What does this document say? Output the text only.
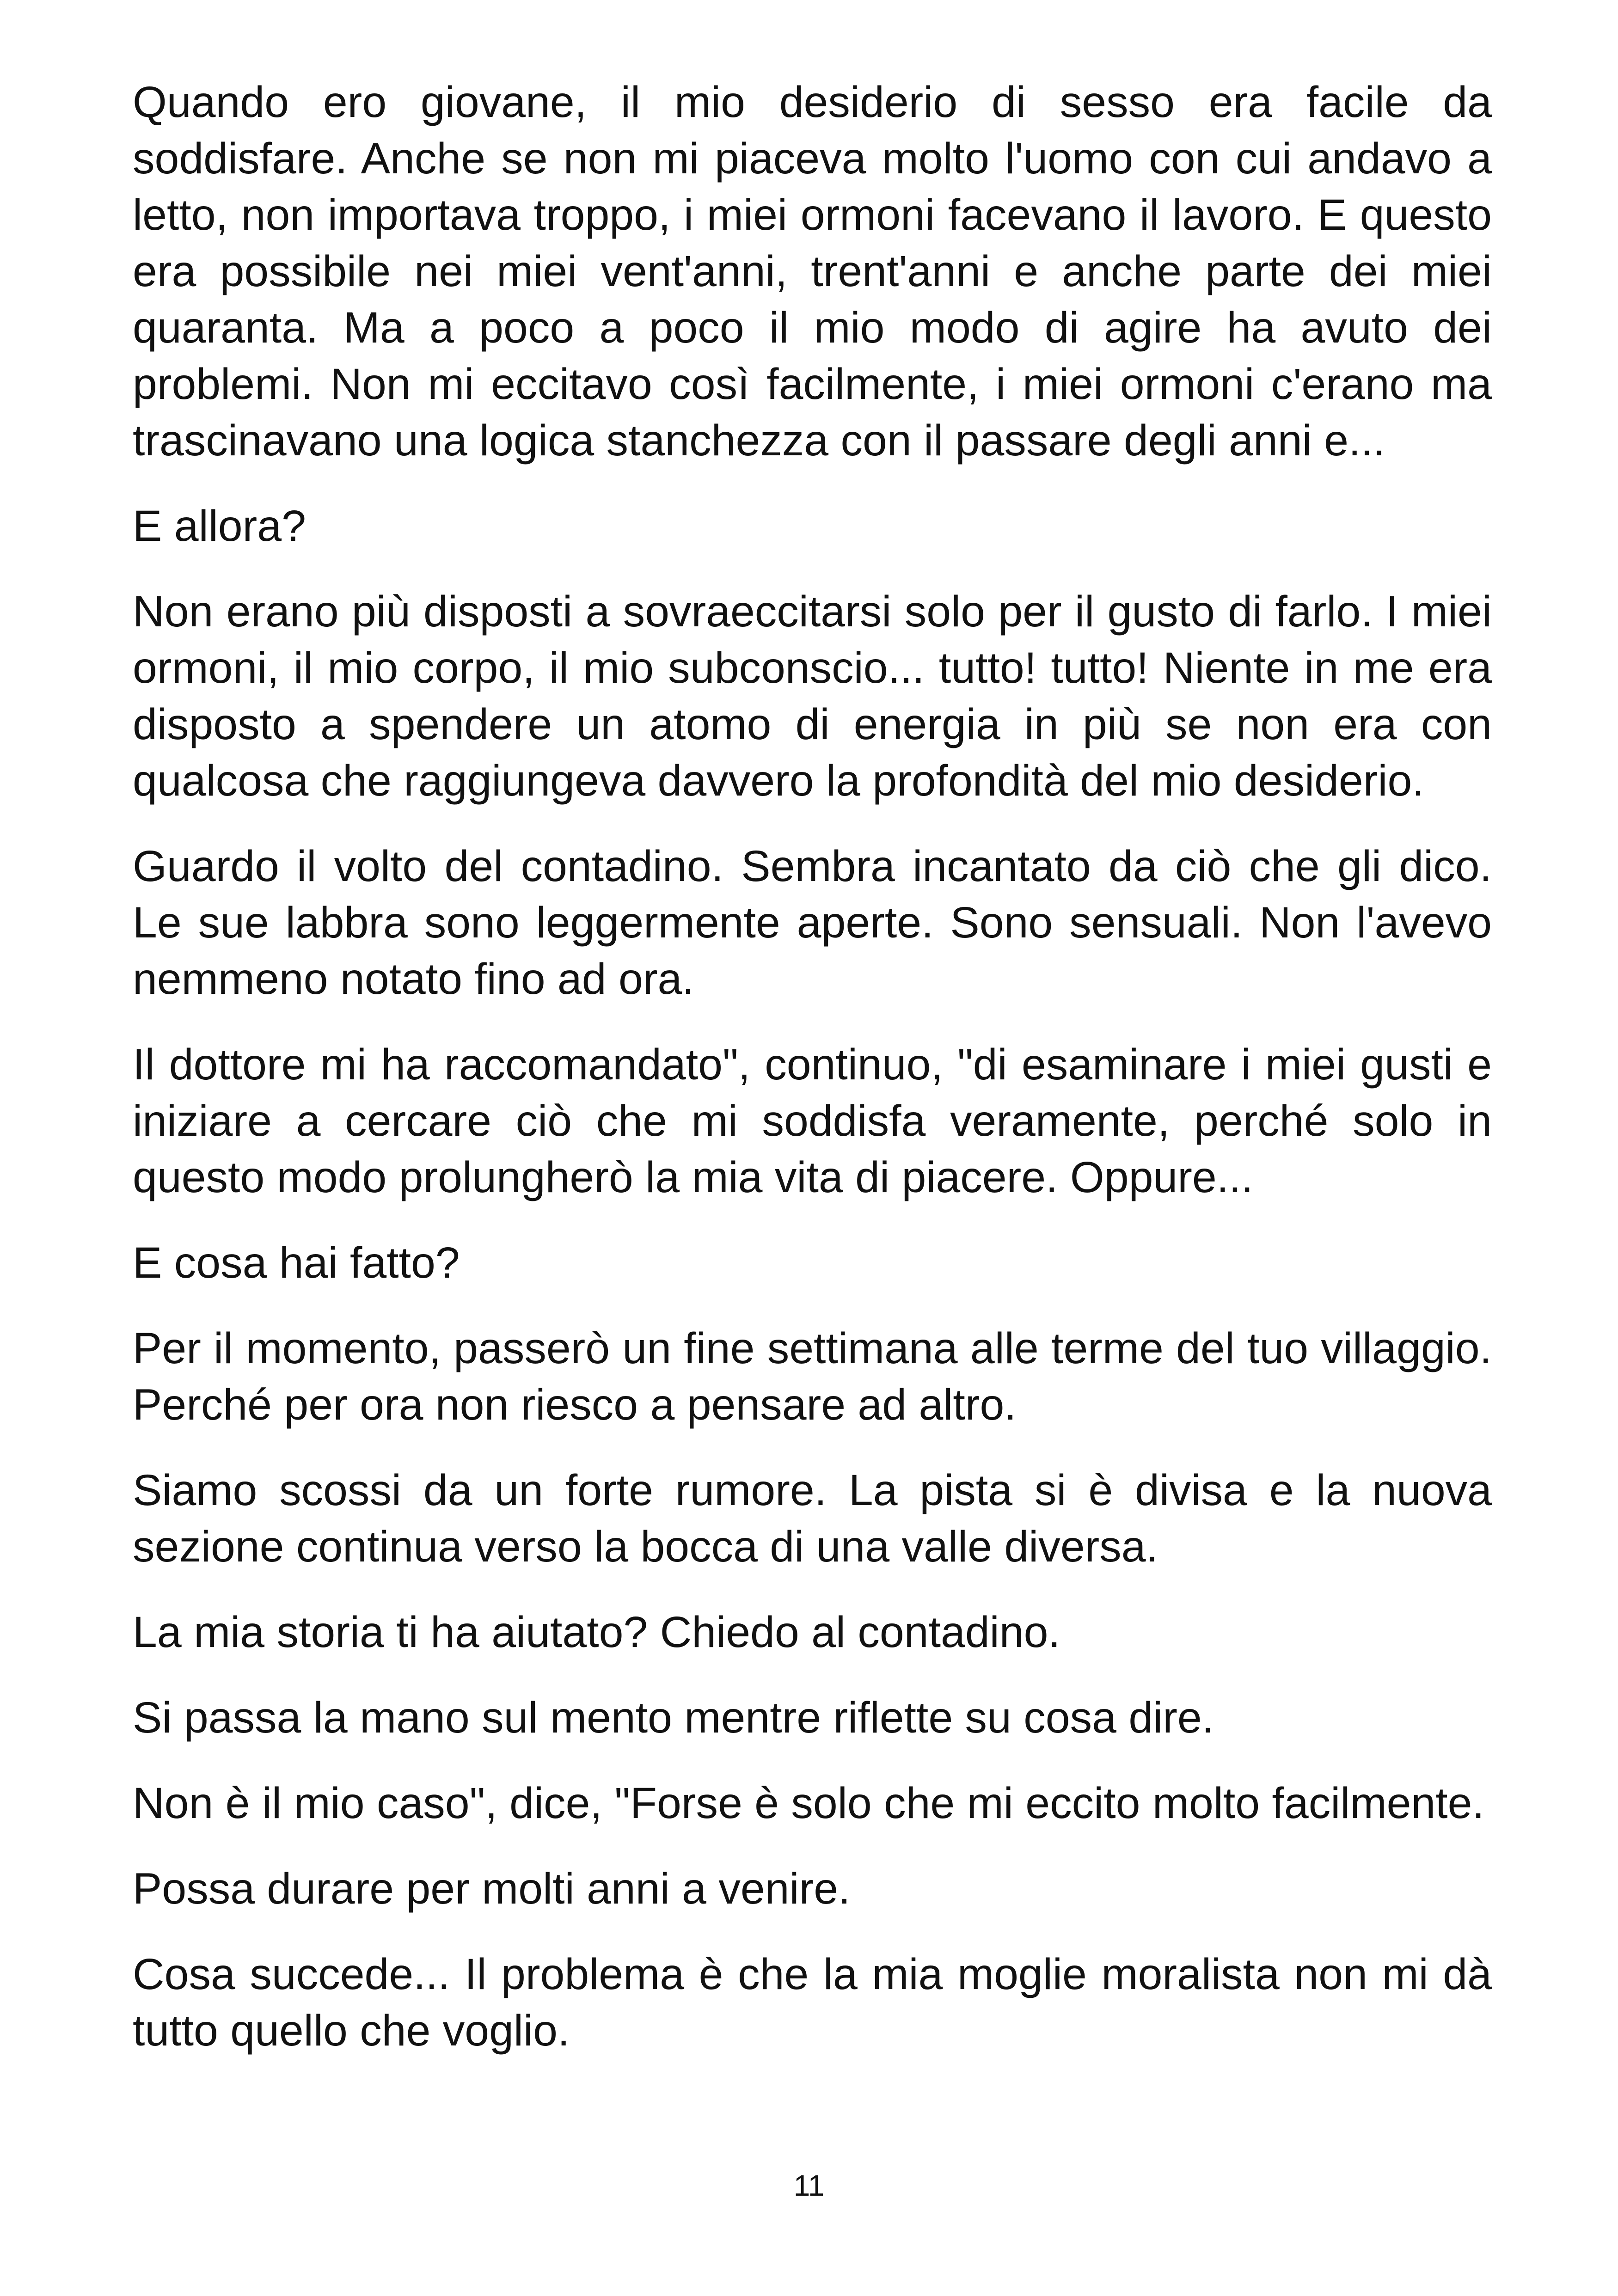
Quando ero giovane, il mio desiderio di sesso era facile da soddisfare. Anche se non mi piaceva molto l'uomo con cui andavo a letto, non importava troppo, i miei ormoni facevano il lavoro. E questo era possibile nei miei vent'anni, trent'anni e anche parte dei miei quaranta. Ma a poco a poco il mio modo di agire ha avuto dei problemi. Non mi eccitavo così facilmente, i miei ormoni c'erano ma trascinavano una logica stanchezza con il passare degli anni e...

E allora?

Non erano più disposti a sovraeccitarsi solo per il gusto di farlo. I miei ormoni, il mio corpo, il mio subconscio... tutto! tutto! Niente in me era disposto a spendere un atomo di energia in più se non era con qualcosa che raggiungeva davvero la profondità del mio desiderio.

Guardo il volto del contadino. Sembra incantato da ciò che gli dico. Le sue labbra sono leggermente aperte. Sono sensuali. Non l'avevo nemmeno notato fino ad ora.

Il dottore mi ha raccomandato", continuo, "di esaminare i miei gusti e iniziare a cercare ciò che mi soddisfa veramente, perché solo in questo modo prolungherò la mia vita di piacere. Oppure...

E cosa hai fatto?

Per il momento, passerò un fine settimana alle terme del tuo villaggio. Perché per ora non riesco a pensare ad altro.

Siamo scossi da un forte rumore. La pista si è divisa e la nuova sezione continua verso la bocca di una valle diversa.

La mia storia ti ha aiutato? Chiedo al contadino.

Si passa la mano sul mento mentre riflette su cosa dire.

Non è il mio caso", dice, "Forse è solo che mi eccito molto facilmente.

Possa durare per molti anni a venire.

Cosa succede... Il problema è che la mia moglie moralista non mi dà tutto quello che voglio.

11
